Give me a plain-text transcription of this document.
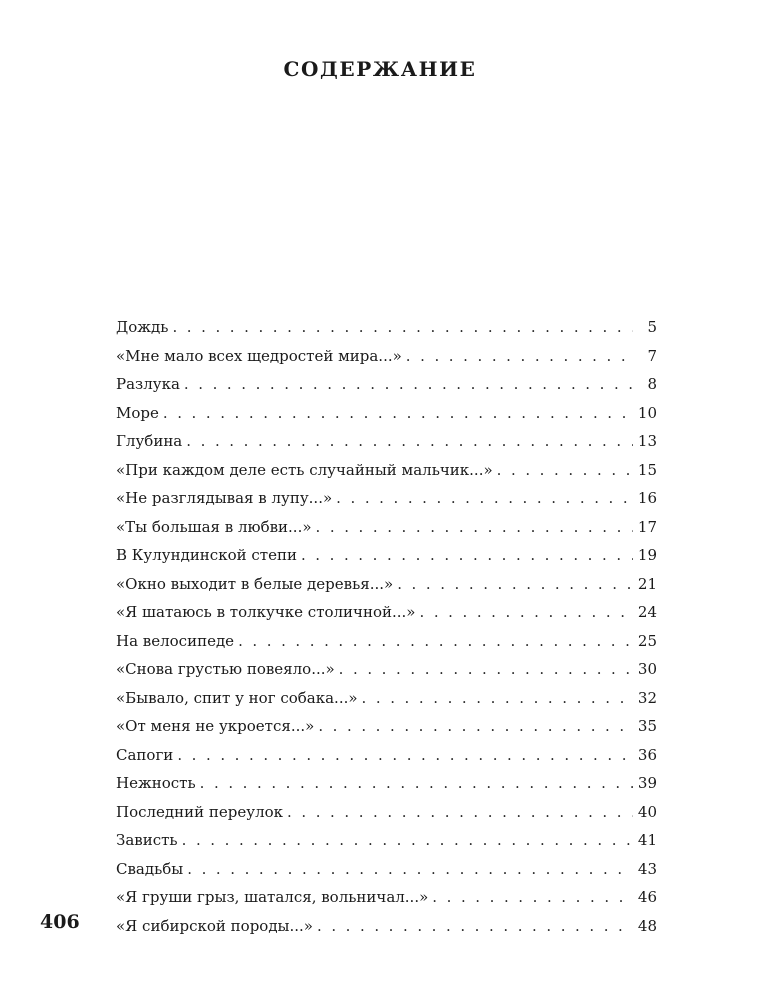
СОДЕРЖАНИЕ
Дождь . . .	5
«Мне мало всех щедростей мира...» . . .	7
Разлука . . .	8
Море . . .	10
Глубина . . .	13
«При каждом деле есть случайный мальчик...» . . .	15
«Не разглядывая в лупу...» . . .	16
«Ты большая в любви...» . . .	17
В Кулундинской степи . . .	19
«Окно выходит в белые деревья...» . . .	21
«Я шатаюсь в толкучке столичной...» . . .	24
На велосипеде . . .	25
«Снова грустью повеяло...» . . .	30
«Бывало, спит у ног собака...» . . .	32
«От меня не укроется...» . . .	35
Сапоги . . .	36
Нежность . . .	39
Последний переулок . . .	40
Зависть . . .	41
Свадьбы . . .	43
«Я груши грыз, шатался, вольничал...» . . .	46
«Я сибирской породы...» . . .	48
406
